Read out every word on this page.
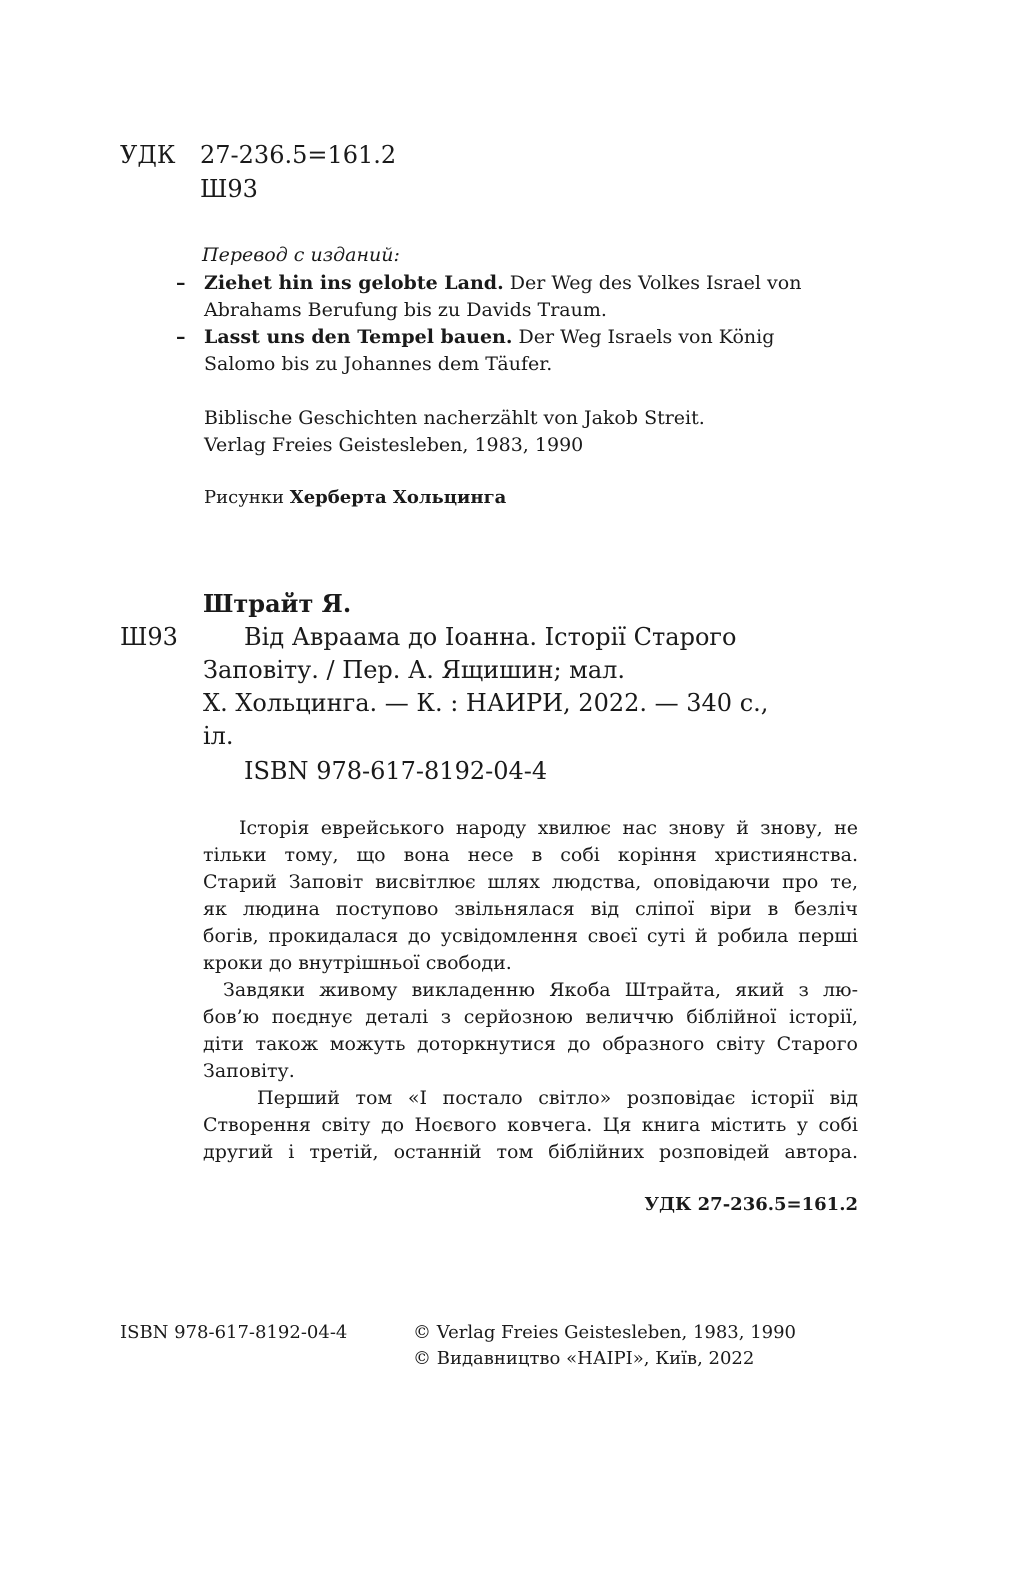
УДК 27-236.5=161.2
Ш93
Перевод с изданий:
– Ziehet hin ins gelobte Land. Der Weg des Volkes Israel von
Abrahams Berufung bis zu Davids Traum.
– Lasst uns den Tempel bauen. Der Weg Israels von König
Salomo bis zu Johannes dem Täufer.
Biblische Geschichten nacherzählt von Jakob Streit.
Verlag Freies Geistesleben, 1983, 1990
Рисунки Херберта Хольцинга
Штрайт Я.
Ш93	Від Авраама до Іоанна. Історії Старого
Заповіту. / Пер. А. Ящишин; мал.
Х. Хольцинга. — К. : НАИРИ, 2022. — 340 с.,
іл.
ISBN 978-617-8192-04-4
Історія еврейського народу хвилює нас знову й знову, не
тільки тому, що вона несе в собі коріння християнства.
Старий Заповіт висвітлює шлях людства, оповідаючи про те,
як людина поступово звільнялася від сліпої віри в безліч
богів, прокидалася до усвідомлення своєї суті й робила перші
кроки до внутрішньої свободи.
Завдяки живому викладенню Якоба Штрайта, який з лю-
бов’ю поєднує деталі з серйозною величчю біблійної історії,
діти також можуть доторкнутися до образного світу Старого
Заповіту.
Перший том «І постало світло» розповідає історії від
Створення світу до Ноєвого ковчега. Ця книга містить у собі
другий і третій, останній том біблійних розповідей автора.
УДК 27-236.5=161.2
ISBN 978-617-8192-04-4	© Verlag Freies Geistesleben, 1983, 1990
© Видавництво «НАІРІ», Київ, 2022
